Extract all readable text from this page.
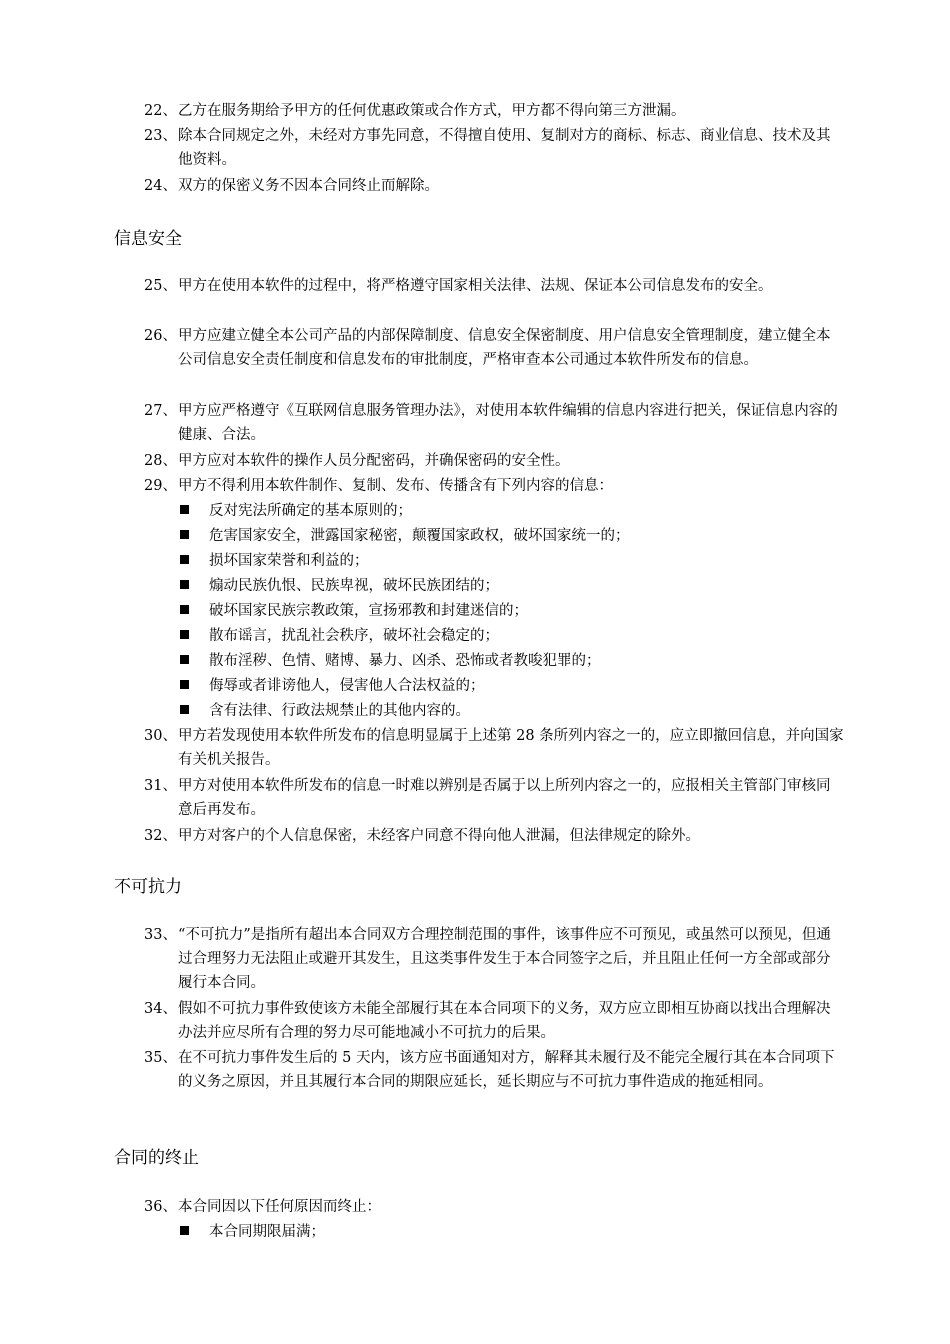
22、 乙方在服务期给予甲方的任何优惠政策或合作方式，甲方都不得向第三方泄漏。
23、 除本合同规定之外，未经对方事先同意，不得擅自使用、复制对方的商标、标志、商业信息、技术及其他资料。
24、 双方的保密义务不因本合同终止而解除。
信息安全
25、 甲方在使用本软件的过程中，将严格遵守国家相关法律、法规、保证本公司信息发布的安全。
26、 甲方应建立健全本公司产品的内部保障制度、信息安全保密制度、用户信息安全管理制度，建立健全本公司信息安全责任制度和信息发布的审批制度，严格审查本公司通过本软件所发布的信息。
27、 甲方应严格遵守《互联网信息服务管理办法》，对使用本软件编辑的信息内容进行把关，保证信息内容的健康、合法。
28、 甲方应对本软件的操作人员分配密码，并确保密码的安全性。
29、 甲方不得利用本软件制作、复制、发布、传播含有下列内容的信息：
反对宪法所确定的基本原则的；
危害国家安全，泄露国家秘密，颠覆国家政权，破坏国家统一的；
损坏国家荣誉和利益的；
煽动民族仇恨、民族卑视，破坏民族团结的；
破坏国家民族宗教政策，宣扬邪教和封建迷信的；
散布谣言，扰乱社会秩序，破坏社会稳定的；
散布淫秽、色情、赌博、暴力、凶杀、恐怖或者教唆犯罪的；
侮辱或者诽谤他人，侵害他人合法权益的；
含有法律、行政法规禁止的其他内容的。
30、 甲方若发现使用本软件所发布的信息明显属于上述第 28 条所列内容之一的，应立即撤回信息，并向国家有关机关报告。
31、 甲方对使用本软件所发布的信息一时难以辨别是否属于以上所列内容之一的，应报相关主管部门审核同意后再发布。
32、 甲方对客户的个人信息保密，未经客户同意不得向他人泄漏，但法律规定的除外。
不可抗力
33、 “不可抗力”是指所有超出本合同双方合理控制范围的事件，该事件应不可预见，或虽然可以预见，但通过合理努力无法阻止或避开其发生，且这类事件发生于本合同签字之后，并且阻止任何一方全部或部分履行本合同。
34、 假如不可抗力事件致使该方未能全部履行其在本合同项下的义务，双方应立即相互协商以找出合理解决办法并应尽所有合理的努力尽可能地减小不可抗力的后果。
35、 在不可抗力事件发生后的 5 天内，该方应书面通知对方，解释其未履行及不能完全履行其在本合同项下的义务之原因，并且其履行本合同的期限应延长，延长期应与不可抗力事件造成的拖延相同。
合同的终止
36、 本合同因以下任何原因而终止：
本合同期限届满；
